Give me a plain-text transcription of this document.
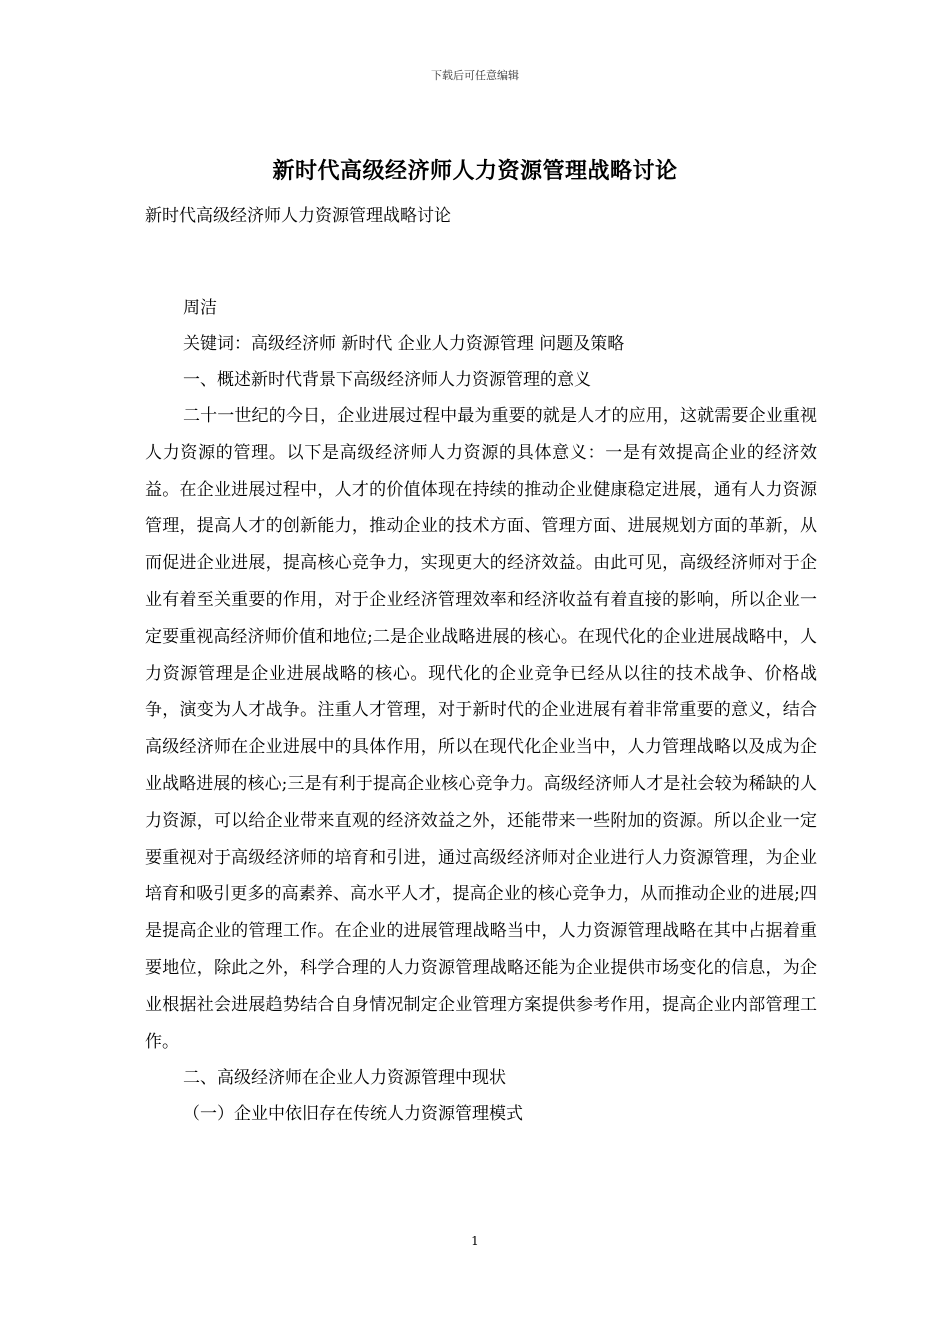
下载后可任意编辑
新时代高级经济师人力资源管理战略讨论

新时代高级经济师人力资源管理战略讨论

周洁

关键词：高级经济师 新时代 企业人力资源管理 问题及策略

一、概述新时代背景下高级经济师人力资源管理的意义

二十一世纪的今日，企业进展过程中最为重要的就是人才的应用，这就需要企业重视人力资源的管理。以下是高级经济师人力资源的具体意义：一是有效提高企业的经济效益。在企业进展过程中，人才的价值体现在持续的推动企业健康稳定进展，通有人力资源管理，提高人才的创新能力，推动企业的技术方面、管理方面、进展规划方面的革新，从而促进企业进展，提高核心竞争力，实现更大的经济效益。由此可见，高级经济师对于企业有着至关重要的作用，对于企业经济管理效率和经济收益有着直接的影响，所以企业一定要重视高经济师价值和地位;二是企业战略进展的核心。在现代化的企业进展战略中，人力资源管理是企业进展战略的核心。现代化的企业竞争已经从以往的技术战争、价格战争，演变为人才战争。注重人才管理，对于新时代的企业进展有着非常重要的意义，结合高级经济师在企业进展中的具体作用，所以在现代化企业当中，人力管理战略以及成为企业战略进展的核心;三是有利于提高企业核心竞争力。高级经济师人才是社会较为稀缺的人力资源，可以给企业带来直观的经济效益之外，还能带来一些附加的资源。所以企业一定要重视对于高级经济师的培育和引进，通过高级经济师对企业进行人力资源管理，为企业培育和吸引更多的高素养、高水平人才，提高企业的核心竞争力，从而推动企业的进展;四是提高企业的管理工作。在企业的进展管理战略当中，人力资源管理战略在其中占据着重要地位，除此之外，科学合理的人力资源管理战略还能为企业提供市场变化的信息，为企业根据社会进展趋势结合自身情况制定企业管理方案提供参考作用，提高企业内部管理工作。

二、高级经济师在企业人力资源管理中现状

（一）企业中依旧存在传统人力资源管理模式

1
